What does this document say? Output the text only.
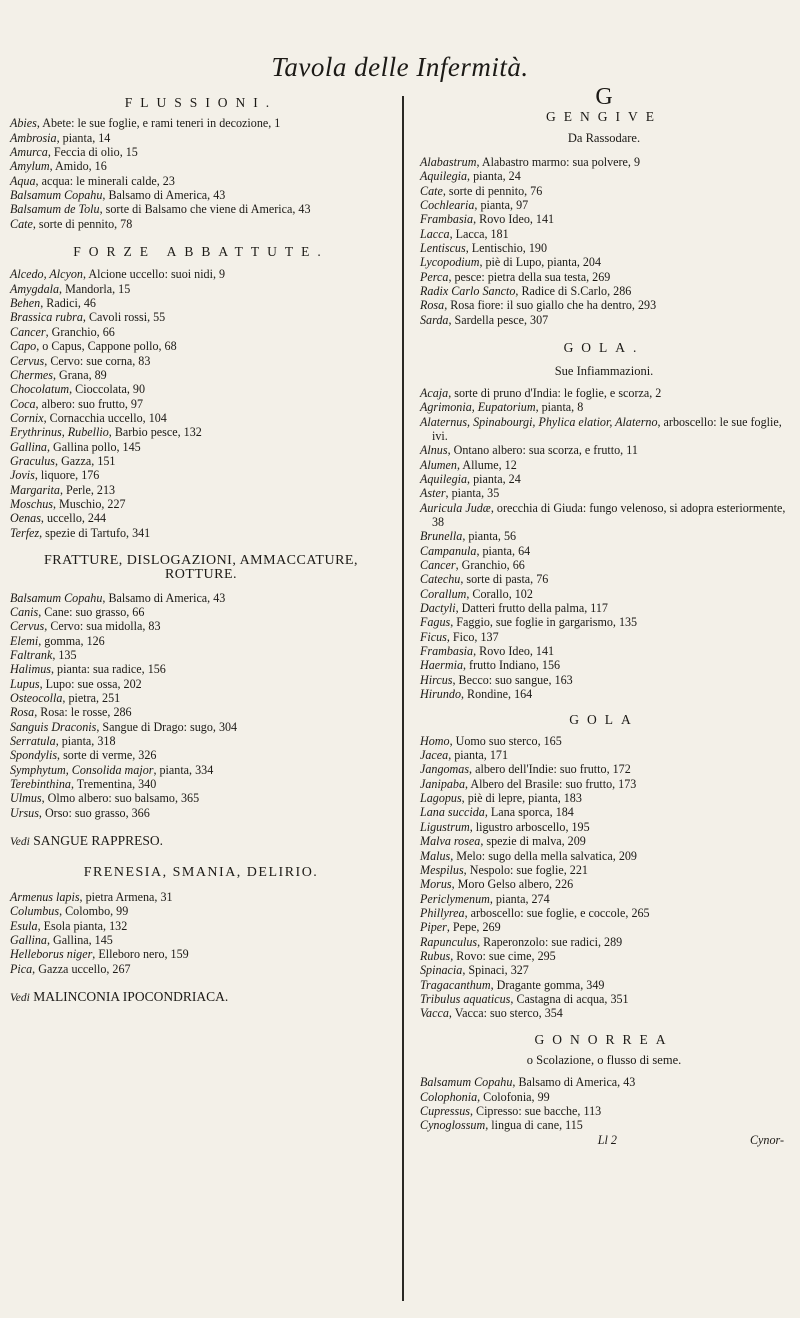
Tavola delle Infermità.

FLUSSIONI.

Abies, Abete: le sue foglie, e rami teneri in decozione, 1

Ambrosia, pianta, 14

Amurca, Feccia di olio, 15

Amylum, Amido, 16

Aqua, acqua: le minerali calde, 23

Balsamum Copahu, Balsamo di America, 43

Balsamum de Tolu, sorte di Balsamo che viene di America, 43

Cate, sorte di pennito, 78

FORZE ABBATTUTE.

Alcedo, Alcyon, Alcione uccello: suoi nidi, 9

Amygdala, Mandorla, 15

Behen, Radici, 46

Brassica rubra, Cavoli rossi, 55

Cancer, Granchio, 66

Capo, o Capus, Cappone pollo, 68

Cervus, Cervo: sue corna, 83

Chermes, Grana, 89

Chocolatum, Cioccolata, 90

Coca, albero: suo frutto, 97

Cornix, Cornacchia uccello, 104

Erythrinus, Rubellio, Barbio pesce, 132

Gallina, Gallina pollo, 145

Graculus, Gazza, 151

Jovis, liquore, 176

Margarita, Perle, 213

Moschus, Muschio, 227

Oenas, uccello, 244

Terfez, spezie di Tartufo, 341

FRATTURE, DISLOGAZIONI, AMMACCATURE, ROTTURE.

Balsamum Copahu, Balsamo di America, 43

Canis, Cane: suo grasso, 66

Cervus, Cervo: sua midolla, 83

Elemi, gomma, 126

Faltrank, 135

Halimus, pianta: sua radice, 156

Lupus, Lupo: sue ossa, 202

Osteocolla, pietra, 251

Rosa, Rosa: le rosse, 286

Sanguis Draconis, Sangue di Drago: sugo, 304

Serratula, pianta, 318

Spondylis, sorte di verme, 326

Symphytum, Consolida major, pianta, 334

Terebinthina, Trementina, 340

Ulmus, Olmo albero: suo balsamo, 365

Ursus, Orso: suo grasso, 366

Vedi SANGUE RAPPRESO.

FRENESIA, SMANIA, DELIRIO.

Armenus lapis, pietra Armena, 31

Columbus, Colombo, 99

Esula, Esola pianta, 132

Gallina, Gallina, 145

Helleborus niger, Elleboro nero, 159

Pica, Gazza uccello, 267

Vedi MALINCONIA IPOCONDRIACA.

G

GENGIVE

Da Rassodare.

Alabastrum, Alabastro marmo: sua polvere, 9

Aquilegia, pianta, 24

Cate, sorte di pennito, 76

Cochlearia, pianta, 97

Frambasia, Rovo Ideo, 141

Lacca, Lacca, 181

Lentiscus, Lentischio, 190

Lycopodium, piè di Lupo, pianta, 204

Perca, pesce: pietra della sua testa, 269

Radix Carlo Sancto, Radice di S.Carlo, 286

Rosa, Rosa fiore: il suo giallo che ha dentro, 293

Sarda, Sardella pesce, 307

GOLA.

Sue Infiammazioni.

Acaja, sorte di pruno d'India: le foglie, e scorza, 2

Agrimonia, Eupatorium, pianta, 8

Alaternus, Spinabourgi, Phylica elatior, Alaterno, arboscello: le sue foglie, ivi.

Alnus, Ontano albero: sua scorza, e frutto, 11

Alumen, Allume, 12

Aquilegia, pianta, 24

Aster, pianta, 35

Auricula Judæ, orecchia di Giuda: fungo velenoso, si adopra esteriormente, 38

Brunella, pianta, 56

Campanula, pianta, 64

Cancer, Granchio, 66

Catechu, sorte di pasta, 76

Corallum, Corallo, 102

Dactyli, Datteri frutto della palma, 117

Fagus, Faggio, sue foglie in gargarismo, 135

Ficus, Fico, 137

Frambasia, Rovo Ideo, 141

Haermia, frutto Indiano, 156

Hircus, Becco: suo sangue, 163

Hirundo, Rondine, 164

GOLA

Homo, Uomo suo sterco, 165

Jacea, pianta, 171

Jangomas, albero dell'Indie: suo frutto, 172

Janipaba, Albero del Brasile: suo frutto, 173

Lagopus, piè di lepre, pianta, 183

Lana succida, Lana sporca, 184

Ligustrum, ligustro arboscello, 195

Malva rosea, spezie di malva, 209

Malus, Melo: sugo della mella salvatica, 209

Mespilus, Nespolo: sue foglie, 221

Morus, Moro Gelso albero, 226

Periclymenum, pianta, 274

Phillyrea, arboscello: sue foglie, e coccole, 265

Piper, Pepe, 269

Rapunculus, Raperonzolo: sue radici, 289

Rubus, Rovo: sue cime, 295

Spinacia, Spinaci, 327

Tragacanthum, Dragante gomma, 349

Tribulus aquaticus, Castagna di acqua, 351

Vacca, Vacca: suo sterco, 354

GONORREA

o Scolazione, o flusso di seme.

Balsamum Copahu, Balsamo di America, 43

Colophonia, Colofonia, 99

Cupressus, Cipresso: sue bacche, 113

Cynoglossum, lingua di cane, 115

Ll 2	Cynor-
